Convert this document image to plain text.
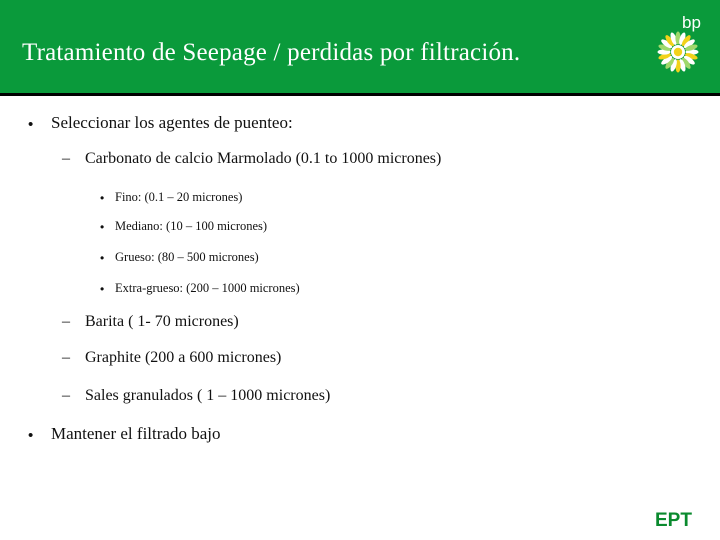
Tratamiento de Seepage / perdidas por filtración.
bp
• Seleccionar los agentes de puenteo:
– Carbonato de calcio Marmolado (0.1 to 1000 micrones)
• Fino: (0.1 – 20 micrones)
• Mediano: (10 – 100 micrones)
• Grueso: (80 – 500 micrones)
• Extra-grueso: (200 – 1000 micrones)
– Barita ( 1- 70 micrones)
– Graphite (200 a 600 micrones)
– Sales granulados ( 1 – 1000 micrones)
• Mantener el filtrado bajo
EPT
